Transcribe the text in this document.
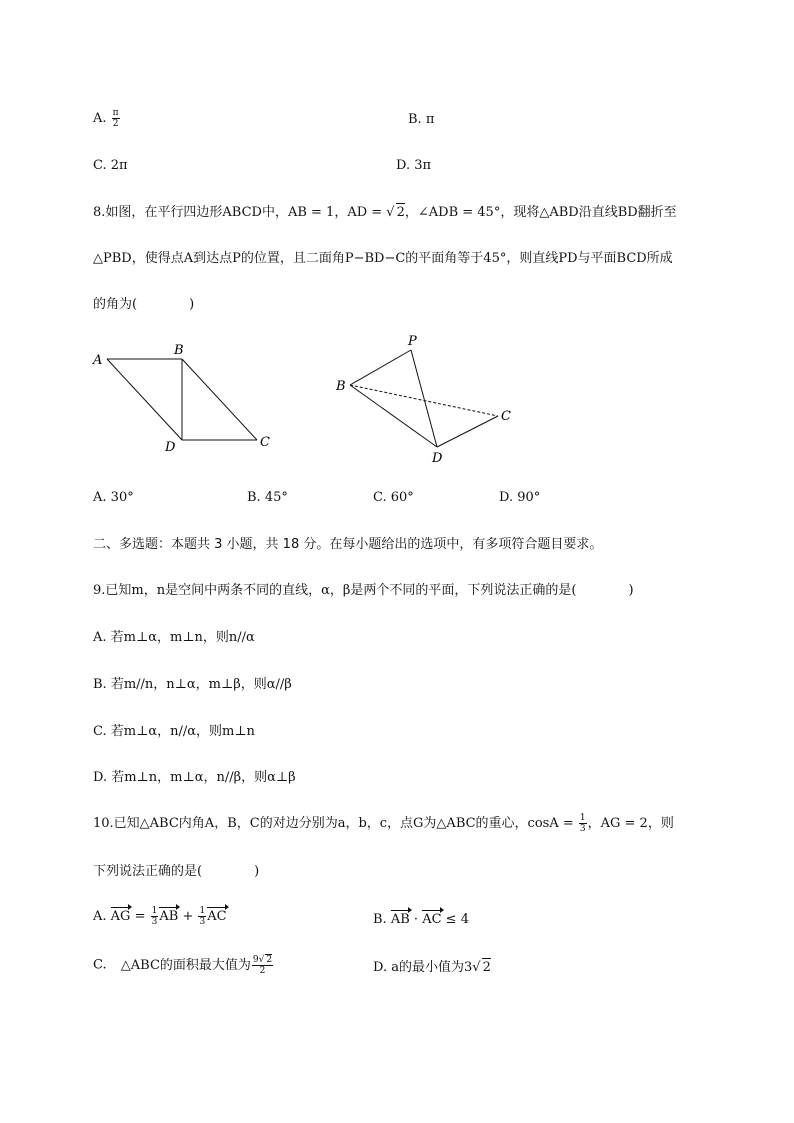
A. $\frac{\pi}{2}$	B. π
C. 2π	D. 3π
8.如图，在平行四边形ABCD中，AB = 1，AD = √ 2，∠ADB = 45°，现将△ABD沿直线BD翻折至
△PBD，使得点A到达点P的位置，且二面角P−BD−C的平面角等于45°，则直线PD与平面BCD所成
的角为(　　　　)
A
B
D	C
P
B
C
D
A. 30°	B. 45°	C. 60°	D. 90°
二、多选题：本题共 3 小题，共 18 分。在每小题给出的选项中，有多项符合题目要求。
9.已知m，n是空间中两条不同的直线，α，β是两个不同的平面，下列说法正确的是(　　　　)
A. 若m⊥α，m⊥n，则n//α
B. 若m//n，n⊥α，m⊥β，则α//β
C. 若m⊥α，n//α，则m⊥n
D. 若m⊥n，m⊥α，n//β，则α⊥β
10.已知△ABC内角A，B，C的对边分别为a，b，c，点G为△ABC的重心，$\cos A = \frac{1}{3}$ ，AG = 2，则
下列说法正确的是(　　　　)
A. AG = $\frac{1}{3}$ AB + $\frac{1}{3}$ AC	B. AB · AC ≤ 4
C. △ABC的面积最大值为 $\frac{9√ 2}{2}$	D. a的最小值为3√ 2
